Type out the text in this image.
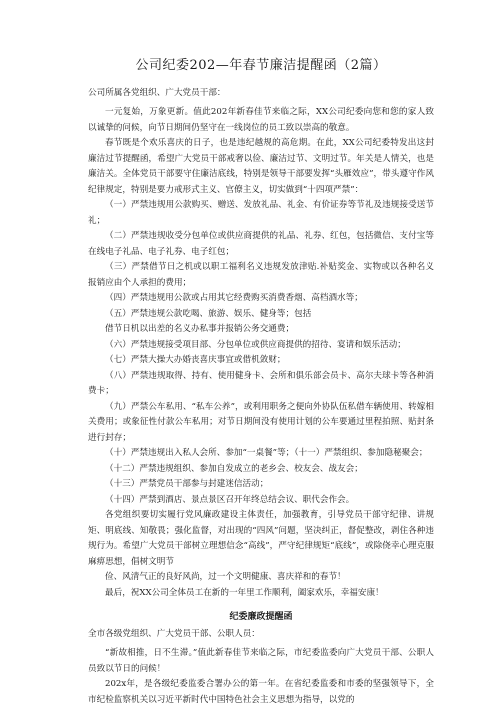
公司纪委202—年春节廉洁提醒函（2篇）

公司所属各党组织、广大党员干部：

一元复始，万象更新。值此202年新春佳节来临之际，XX公司纪委向您和您的家人致以诚挚的问候，向节日期间仍坚守在一线岗位的员工致以崇高的敬意。

春节既是个欢乐喜庆的日子，也是违纪越规的高危期。在此，XX公司纪委特发出这封廉洁过节提醒函，希望广大党员干部戒奢以俭、廉洁过节、文明过节。年关是人情关，也是廉洁关。全体党员干部要守住廉洁底线，特别是领导干部要发挥“头雁效应”，带头遵守作风纪律规定，特别是要力戒形式主义、官僚主义，切实做到“十四项严禁”：

（一）严禁违规用公款购买、赠送、发放礼品、礼金、有价证券等节礼及违规接受送节礼；

（二）严禁违规收受分包单位或供应商提供的礼品、礼券、红包，包括微信、支付宝等在线电子礼品、电子礼券、电子红包；

（三）严禁借节日之机或以职工福利名义违规发放津贴.补贴奖金、实物或以各种名义报销应由个人承担的费用；

（四）严禁违规用公款或占用其它经费购买消费香烟、高档酒水等；

（五）严禁违规公款吃喝、旅游、娱乐、健身等；包括

借节日机以出差的名义办私事并报销公务交通费；

（六）严禁违规接受项目部、分包单位或供应商提供的招待、宴请和娱乐活动；

（七）严禁大操大办婚丧喜庆事宜或借机敛财；

（八）严禁违规取得、持有、使用健身卡、会所和俱乐部会员卡、高尔夫球卡等各种消费卡；

（九）严禁公车私用、“私车公养”，或利用职务之便向外协队伍私借车辆使用、转嫁相关费用；或象征性付款公车私用；对节日期间没有使用计划的公车要通过里程拍照、贴封条进行封存；

（十）严禁违规出入私人会所、参加“一桌餐”等；（十一）严禁组织、参加隐秘聚会；

（十二）严禁违规组织、参加自发成立的老乡会、校友会、战友会；

（十三）严禁党员干部参与封建迷信活动；

（十四）严禁到酒店、景点景区召开年终总结会议、职代会作会。

各党组织要切实履行党风廉政建设主体责任，加强教育，引导党员干部守纪律、讲规矩、明底线、知敬畏；强化监督，对出现的“四风”问题，坚决纠正，督促整改，剥住各种违规行为。希望广大党员干部树立理想信念“高线”，严守纪律规矩“底线”，或除侥幸心理克服麻痹思想，倡树文明节

俭、风清气正的良好风尚，过一个文明健康、喜庆祥和的春节！

最后，祝XX公司全体员工在新的一年里工作顺利，阖家欢乐，幸福安康！

纪委廉政提醒函

全市各级党组织、广大党员干部、公职人员：

“新故相推，日不生滞。”值此新春佳节来临之际，市纪委监委向广大党员干部、公职人员致以节日的问候！

202x年，是各级纪委监委合署办公的第一年。在省纪委监委和市委的坚强领导下，全市纪检监察机关以习近平新时代中国特色社会主义思想为指导，以党的
